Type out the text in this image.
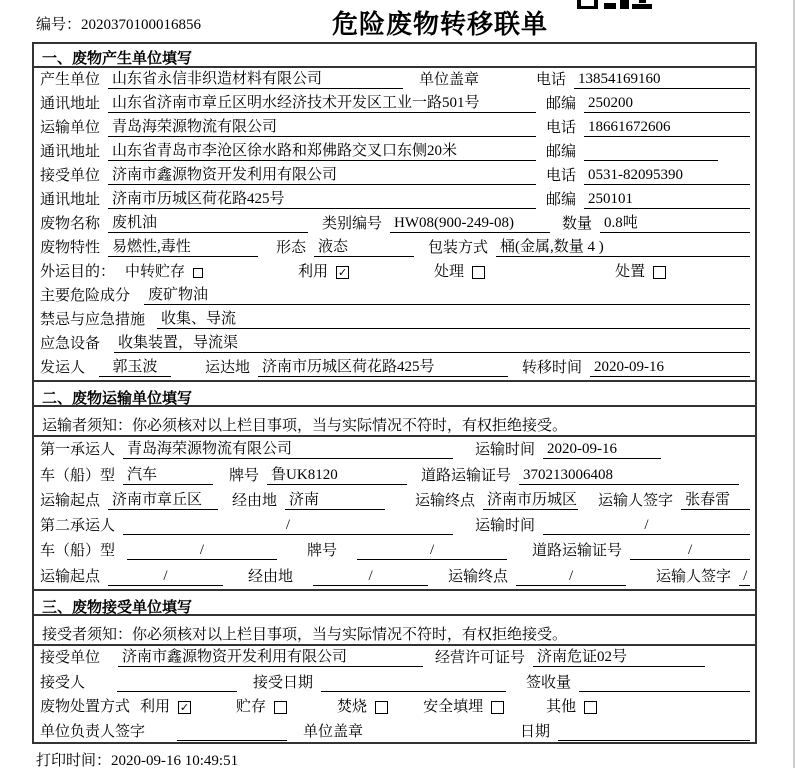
编号：2020370100016856	危险废物转移联单
一、废物产生单位填写
产生单位 山东省永信非织造材料有限公司	单位盖章	电话 13854169160
通讯地址 山东省济南市章丘区明水经济技术开发区工业一路501号	邮编 250200
运输单位 青岛海荣源物流有限公司	电话 18661672606
通讯地址 山东省青岛市李沧区徐水路和郑佛路交叉口东侧20米	邮编
接受单位 济南市鑫源物资开发利用有限公司	电话 0531-82095390
通讯地址 济南市历城区荷花路425号	邮编 250101
废物名称 废机油	类别编号 HW08(900-249-08)	数量 0.8吨
废物特性 易燃性,毒性	形态 液态	包装方式 桶(金属,数量 4 )
外运目的： 中转贮存	利用 ✓	处理	处置
主要危险成分 废矿物油
禁忌与应急措施 收集、导流
应急设备 收集装置，导流渠
发运人	郭玉波	运达地 济南市历城区荷花路425号	转移时间 2020-09-16
二、废物运输单位填写
运输者须知：你必须核对以上栏目事项，当与实际情况不符时，有权拒绝接受。
第一承运人 青岛海荣源物流有限公司	运输时间 2020-09-16
车（船）型 汽车	牌号 鲁UK8120	道路运输证号 370213006408
运输起点 济南市章丘区	经由地 济南	运输终点 济南市历城区 运输人签字 张春雷
第二承运人	/	运输时间	/
车（船）型	/	牌号	/	道路运输证号	/
运输起点	/	经由地	/	运输终点	/	运输人签字 /
三、废物接受单位填写
接受者须知：你必须核对以上栏目事项，当与实际情况不符时，有权拒绝接受。
接受单位 济南市鑫源物资开发利用有限公司	经营许可证号 济南危证02号
接受人	接受日期	签收量
废物处置方式 利用 ✓	贮存	焚烧	安全填埋	其他
单位负责人签字	单位盖章	日期
打印时间：2020-09-16 10:49:51
